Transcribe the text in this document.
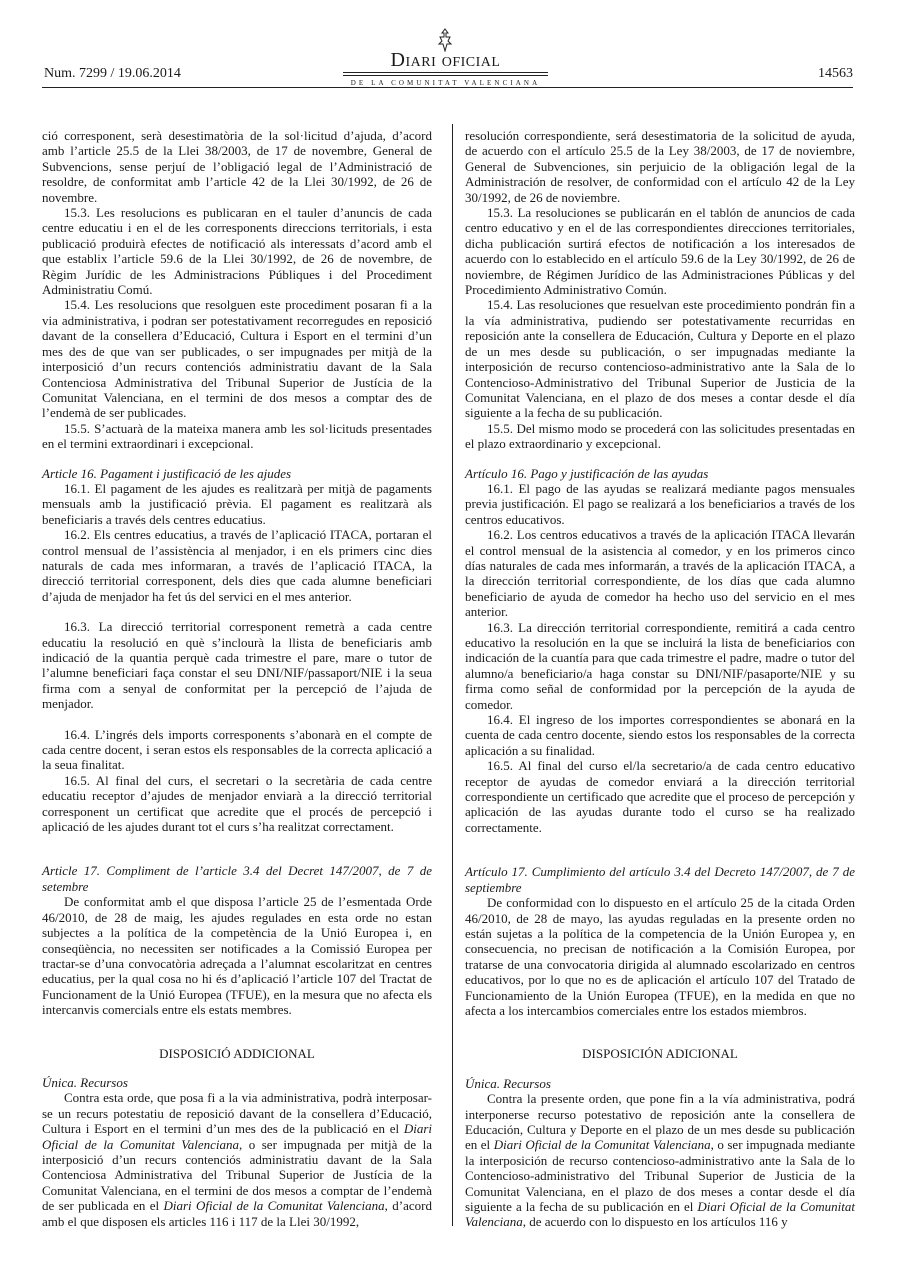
Num. 7299 / 19.06.2014
Diari oficial
DE LA COMUNITAT VALENCIANA
14563

ció corresponent, serà desestimatòria de la sol·licitud d’ajuda, d’acord amb l’article 25.5 de la Llei 38/2003, de 17 de novembre, General de Subvencions, sense perjuí de l’obligació legal de l’Administració de resoldre, de conformitat amb l’article 42 de la Llei 30/1992, de 26 de novembre.

15.3. Les resolucions es publicaran en el tauler d’anuncis de cada centre educatiu i en el de les corresponents direccions territorials, i esta publicació produirà efectes de notificació als interessats d’acord amb el que establix l’article 59.6 de la Llei 30/1992, de 26 de novembre, de Règim Jurídic de les Administracions Públiques i del Procediment Administratiu Comú.

15.4. Les resolucions que resolguen este procediment posaran fi a la via administrativa, i podran ser potestativament recorregudes en reposició davant de la consellera d’Educació, Cultura i Esport en el termini d’un mes des de que van ser publicades, o ser impugnades per mitjà de la interposició d’un recurs contenciós administratiu davant de la Sala Contenciosa Administrativa del Tribunal Superior de Justícia de la Comunitat Valenciana, en el termini de dos mesos a comptar des de l’endemà de ser publicades.

15.5. S’actuarà de la mateixa manera amb les sol·licituds presentades en el termini extraordinari i excepcional.

Article 16. Pagament i justificació de les ajudes

16.1. El pagament de les ajudes es realitzarà per mitjà de pagaments mensuals amb la justificació prèvia. El pagament es realitzarà als beneficiaris a través dels centres educatius.

16.2. Els centres educatius, a través de l’aplicació ITACA, portaran el control mensual de l’assistència al menjador, i en els primers cinc dies naturals de cada mes informaran, a través de l’aplicació ITACA, la direcció territorial corresponent, dels dies que cada alumne beneficiari d’ajuda de menjador ha fet ús del servici en el mes anterior.

16.3. La direcció territorial corresponent remetrà a cada centre educatiu la resolució en què s’inclourà la llista de beneficiaris amb indicació de la quantia perquè cada trimestre el pare, mare o tutor de l’alumne beneficiari faça constar el seu DNI/NIF/passaport/NIE i la seua firma com a senyal de conformitat per la percepció de l’ajuda de menjador.

16.4. L’ingrés dels imports corresponents s’abonarà en el compte de cada centre docent, i seran estos els responsables de la correcta aplicació a la seua finalitat.

16.5. Al final del curs, el secretari o la secretària de cada centre educatiu receptor d’ajudes de menjador enviarà a la direcció territorial corresponent un certificat que acredite que el procés de percepció i aplicació de les ajudes durant tot el curs s’ha realitzat correctament.

Article 17. Compliment de l’article 3.4 del Decret 147/2007, de 7 de setembre

De conformitat amb el que disposa l’article 25 de l’esmentada Orde 46/2010, de 28 de maig, les ajudes regulades en esta orde no estan subjectes a la política de la competència de la Unió Europea i, en conseqüència, no necessiten ser notificades a la Comissió Europea per tractar-se d’una convocatòria adreçada a l’alumnat escolaritzat en centres educatius, per la qual cosa no hi és d’aplicació l’article 107 del Tractat de Funcionament de la Unió Europea (TFUE), en la mesura que no afecta els intercanvis comercials entre els estats membres.

DISPOSICIÓ ADDICIONAL

Única. Recursos

Contra esta orde, que posa fi a la via administrativa, podrà interposar-se un recurs potestatiu de reposició davant de la consellera d’Educació, Cultura i Esport en el termini d’un mes des de la publicació en el Diari Oficial de la Comunitat Valenciana, o ser impugnada per mitjà de la interposició d’un recurs contenciós administratiu davant de la Sala Contenciosa Administrativa del Tribunal Superior de Justícia de la Comunitat Valenciana, en el termini de dos mesos a comptar de l’endemà de ser publicada en el Diari Oficial de la Comunitat Valenciana, d’acord amb el que disposen els articles 116 i 117 de la Llei 30/1992,

resolución correspondiente, será desestimatoria de la solicitud de ayuda, de acuerdo con el artículo 25.5 de la Ley 38/2003, de 17 de noviembre, General de Subvenciones, sin perjuicio de la obligación legal de la Administración de resolver, de conformidad con el artículo 42 de la Ley 30/1992, de 26 de noviembre.

15.3. La resoluciones se publicarán en el tablón de anuncios de cada centro educativo y en el de las correspondientes direcciones territoriales, dicha publicación surtirá efectos de notificación a los interesados de acuerdo con lo establecido en el artículo 59.6 de la Ley 30/1992, de 26 de noviembre, de Régimen Jurídico de las Administraciones Públicas y del Procedimiento Administrativo Común.

15.4. Las resoluciones que resuelvan este procedimiento pondrán fin a la vía administrativa, pudiendo ser potestativamente recurridas en reposición ante la consellera de Educación, Cultura y Deporte en el plazo de un mes desde su publicación, o ser impugnadas mediante la interposición de recurso contencioso-administrativo ante la Sala de lo Contencioso-Administrativo del Tribunal Superior de Justicia de la Comunitat Valenciana, en el plazo de dos meses a contar desde el día siguiente a la fecha de su publicación.

15.5. Del mismo modo se procederá con las solicitudes presentadas en el plazo extraordinario y excepcional.

Artículo 16. Pago y justificación de las ayudas

16.1. El pago de las ayudas se realizará mediante pagos mensuales previa justificación. El pago se realizará a los beneficiarios a través de los centros educativos.

16.2. Los centros educativos a través de la aplicación ITACA llevarán el control mensual de la asistencia al comedor, y en los primeros cinco días naturales de cada mes informarán, a través de la aplicación ITACA, a la dirección territorial correspondiente, de los días que cada alumno beneficiario de ayuda de comedor ha hecho uso del servicio en el mes anterior.

16.3. La dirección territorial correspondiente, remitirá a cada centro educativo la resolución en la que se incluirá la lista de beneficiarios con indicación de la cuantía para que cada trimestre el padre, madre o tutor del alumno/a beneficiario/a haga constar su DNI/NIF/pasaporte/NIE y su firma como señal de conformidad por la percepción de la ayuda de comedor.

16.4. El ingreso de los importes correspondientes se abonará en la cuenta de cada centro docente, siendo estos los responsables de la correcta aplicación a su finalidad.

16.5. Al final del curso el/la secretario/a de cada centro educativo receptor de ayudas de comedor enviará a la dirección territorial correspondiente un certificado que acredite que el proceso de percepción y aplicación de las ayudas durante todo el curso se ha realizado correctamente.

Artículo 17. Cumplimiento del artículo 3.4 del Decreto 147/2007, de 7 de septiembre

De conformidad con lo dispuesto en el artículo 25 de la citada Orden 46/2010, de 28 de mayo, las ayudas reguladas en la presente orden no están sujetas a la política de la competencia de la Unión Europea y, en consecuencia, no precisan de notificación a la Comisión Europea, por tratarse de una convocatoria dirigida al alumnado escolarizado en centros educativos, por lo que no es de aplicación el artículo 107 del Tratado de Funcionamiento de la Unión Europea (TFUE), en la medida en que no afecta a los intercambios comerciales entre los estados miembros.

DISPOSICIÓN ADICIONAL

Única. Recursos

Contra la presente orden, que pone fin a la vía administrativa, podrá interponerse recurso potestativo de reposición ante la consellera de Educación, Cultura y Deporte en el plazo de un mes desde su publicación en el Diari Oficial de la Comunitat Valenciana, o ser impugnada mediante la interposición de recurso contencioso-administrativo ante la Sala de lo Contencioso-administrativo del Tribunal Superior de Justicia de la Comunitat Valenciana, en el plazo de dos meses a contar desde el día siguiente a la fecha de su publicación en el Diari Oficial de la Comunitat Valenciana, de acuerdo con lo dispuesto en los artículos 116 y
